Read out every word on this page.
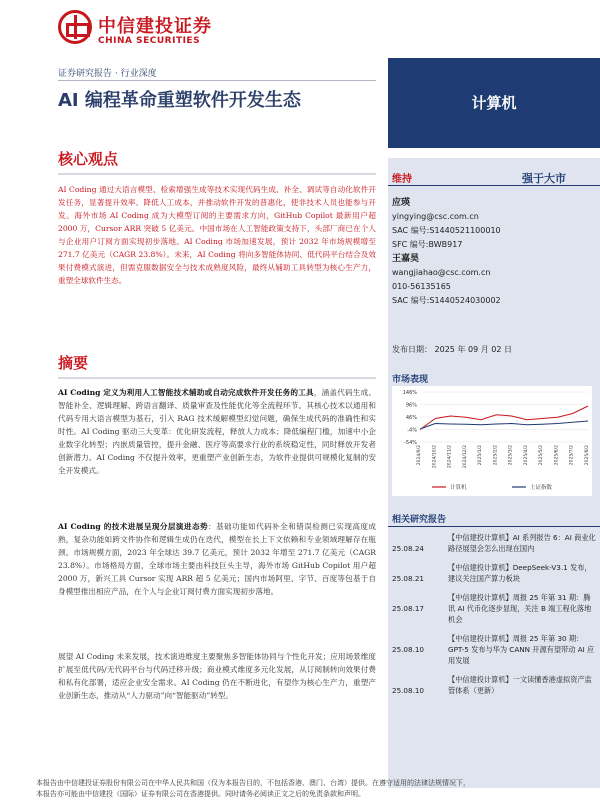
中信建投证券
CHINA SECURITIES
证券研究报告 · 行业深度
AI 编程革命重塑软件开发生态	计算机
核心观点
AI Coding 通过大语言模型、检索增强生成等技术实现代码生成、补全、调试等自动化软件开发任务，显著提升效率、降低人工成本，并推动软件开发的普惠化，使非技术人员也能参与开发。海外市场 AI Coding 成为大模型订阅的主要需求方向，GitHub Copilot 最新用户超 2000 万，Cursor ARR 突破 5 亿美元。中国市场在人工智能政策支持下，头部厂商已在个人与企业用户订阅方面实现初步落地。AI Coding 市场加速发展，预计 2032 年市场规模增至 271.7 亿美元（CAGR 23.8%）。未来，AI Coding 将向多智能体协同、低代码平台结合及效果付费模式演进，但需克服数据安全与技术成熟度风险，最终从辅助工具转型为核心生产力，重塑全球软件生态。
摘要
AI Coding 定义为利用人工智能技术辅助或自动完成软件开发任务的工具，涵盖代码生成、智能补全、逻辑理解、跨语言翻译、质量审查及性能优化等全流程环节。其核心技术以通用和代码专用大语言模型为基石，引入 RAG 技术缓解模型幻觉问题，确保生成代码的准确性和实时性。AI Coding 驱动三大变革：优化研发流程，释放人力成本；降低编程门槛，加速中小企业数字化转型；内嵌质量管控，提升金融、医疗等高要求行业的系统稳定性，同时释放开发者创新潜力。AI Coding 不仅提升效率，更重塑产业创新生态，为软件业提供可规模化复制的安全开发模式。
AI Coding 的技术进展呈现分层演进态势：基础功能如代码补全和错误检测已实现高度成熟，复杂功能如跨文件协作和逻辑生成仍在迭代，模型在长上下文依赖和专业领域理解存在瓶颈。市场规模方面，2023 年全球达 39.7 亿美元，预计 2032 年增至 271.7 亿美元（CAGR 23.8%）。市场格局方面，全球市场主要由科技巨头主导，海外市场 GitHub Copilot 用户超 2000 万，新兴工具 Cursor 实现 ARR 超 5 亿美元；国内市场阿里、字节、百度等包基于自身模型推出相应产品，在个人与企业订阅付费方面实现初步落地。
展望 AI Coding 未来发展，技术演进维度主要聚焦多智能体协同与个性化开发；应用场景维度扩展至低代码/无代码平台与代码迁移升级；商业模式维度多元化发展，从订阅制转向效果付费和私有化部署，适应企业安全需求。AI Coding 仍在不断进化，有望作为核心生产力，重塑产业创新生态，推动从“人力驱动”向“智能驱动”转型。
维持	强于大市
应瑛
yingying@csc.com.cn
SAC 编号:S1440521100010
SFC 编号:BWB917
王嘉昊
wangjiahao@csc.com.cn
010-56135165
SAC 编号:S1440524030002
发布日期： 2025 年 09 月 02 日
市场表现
146%
96%
46%
-4%
-54%
2024/9/2 2024/10/2 2024/11/2 2024/12/2 2025/1/2 2025/2/2 2025/3/2 2025/4/2 2025/5/2 2025/6/2 2025/7/2 2025/8/2
计算机	上证指数
相关研究报告
25.08.24
【中信建投计算机】AI 系列报告 6：AI 商业化路径展望会怎么出现在国内
25.08.21
【中信建投计算机】DeepSeek-V3.1 发布，建议关注国产算力板块
25.08.17
【中信建投计算机】周报 25 年第 31 期：腾讯 AI 代币化逐步显现，关注 B 端工程化落地机会
25.08.10
【中信建投计算机】周报 25 年第 30 期：GPT-5 发布与华为 CANN 开源有望带动 AI 应用发展
25.08.10
【中信建投计算机】一文读懂香港虚拟资产监管体系（更新）
本报告由中信建投证券股份有限公司在中华人民共和国（仅为本报告目的，不包括香港、澳门、台湾）提供。在遵守适用的法律法规情况下，
本报告亦可能由中信建投（国际）证券有限公司在香港提供。同时请务必阅读正文之后的免责条款和声明。
